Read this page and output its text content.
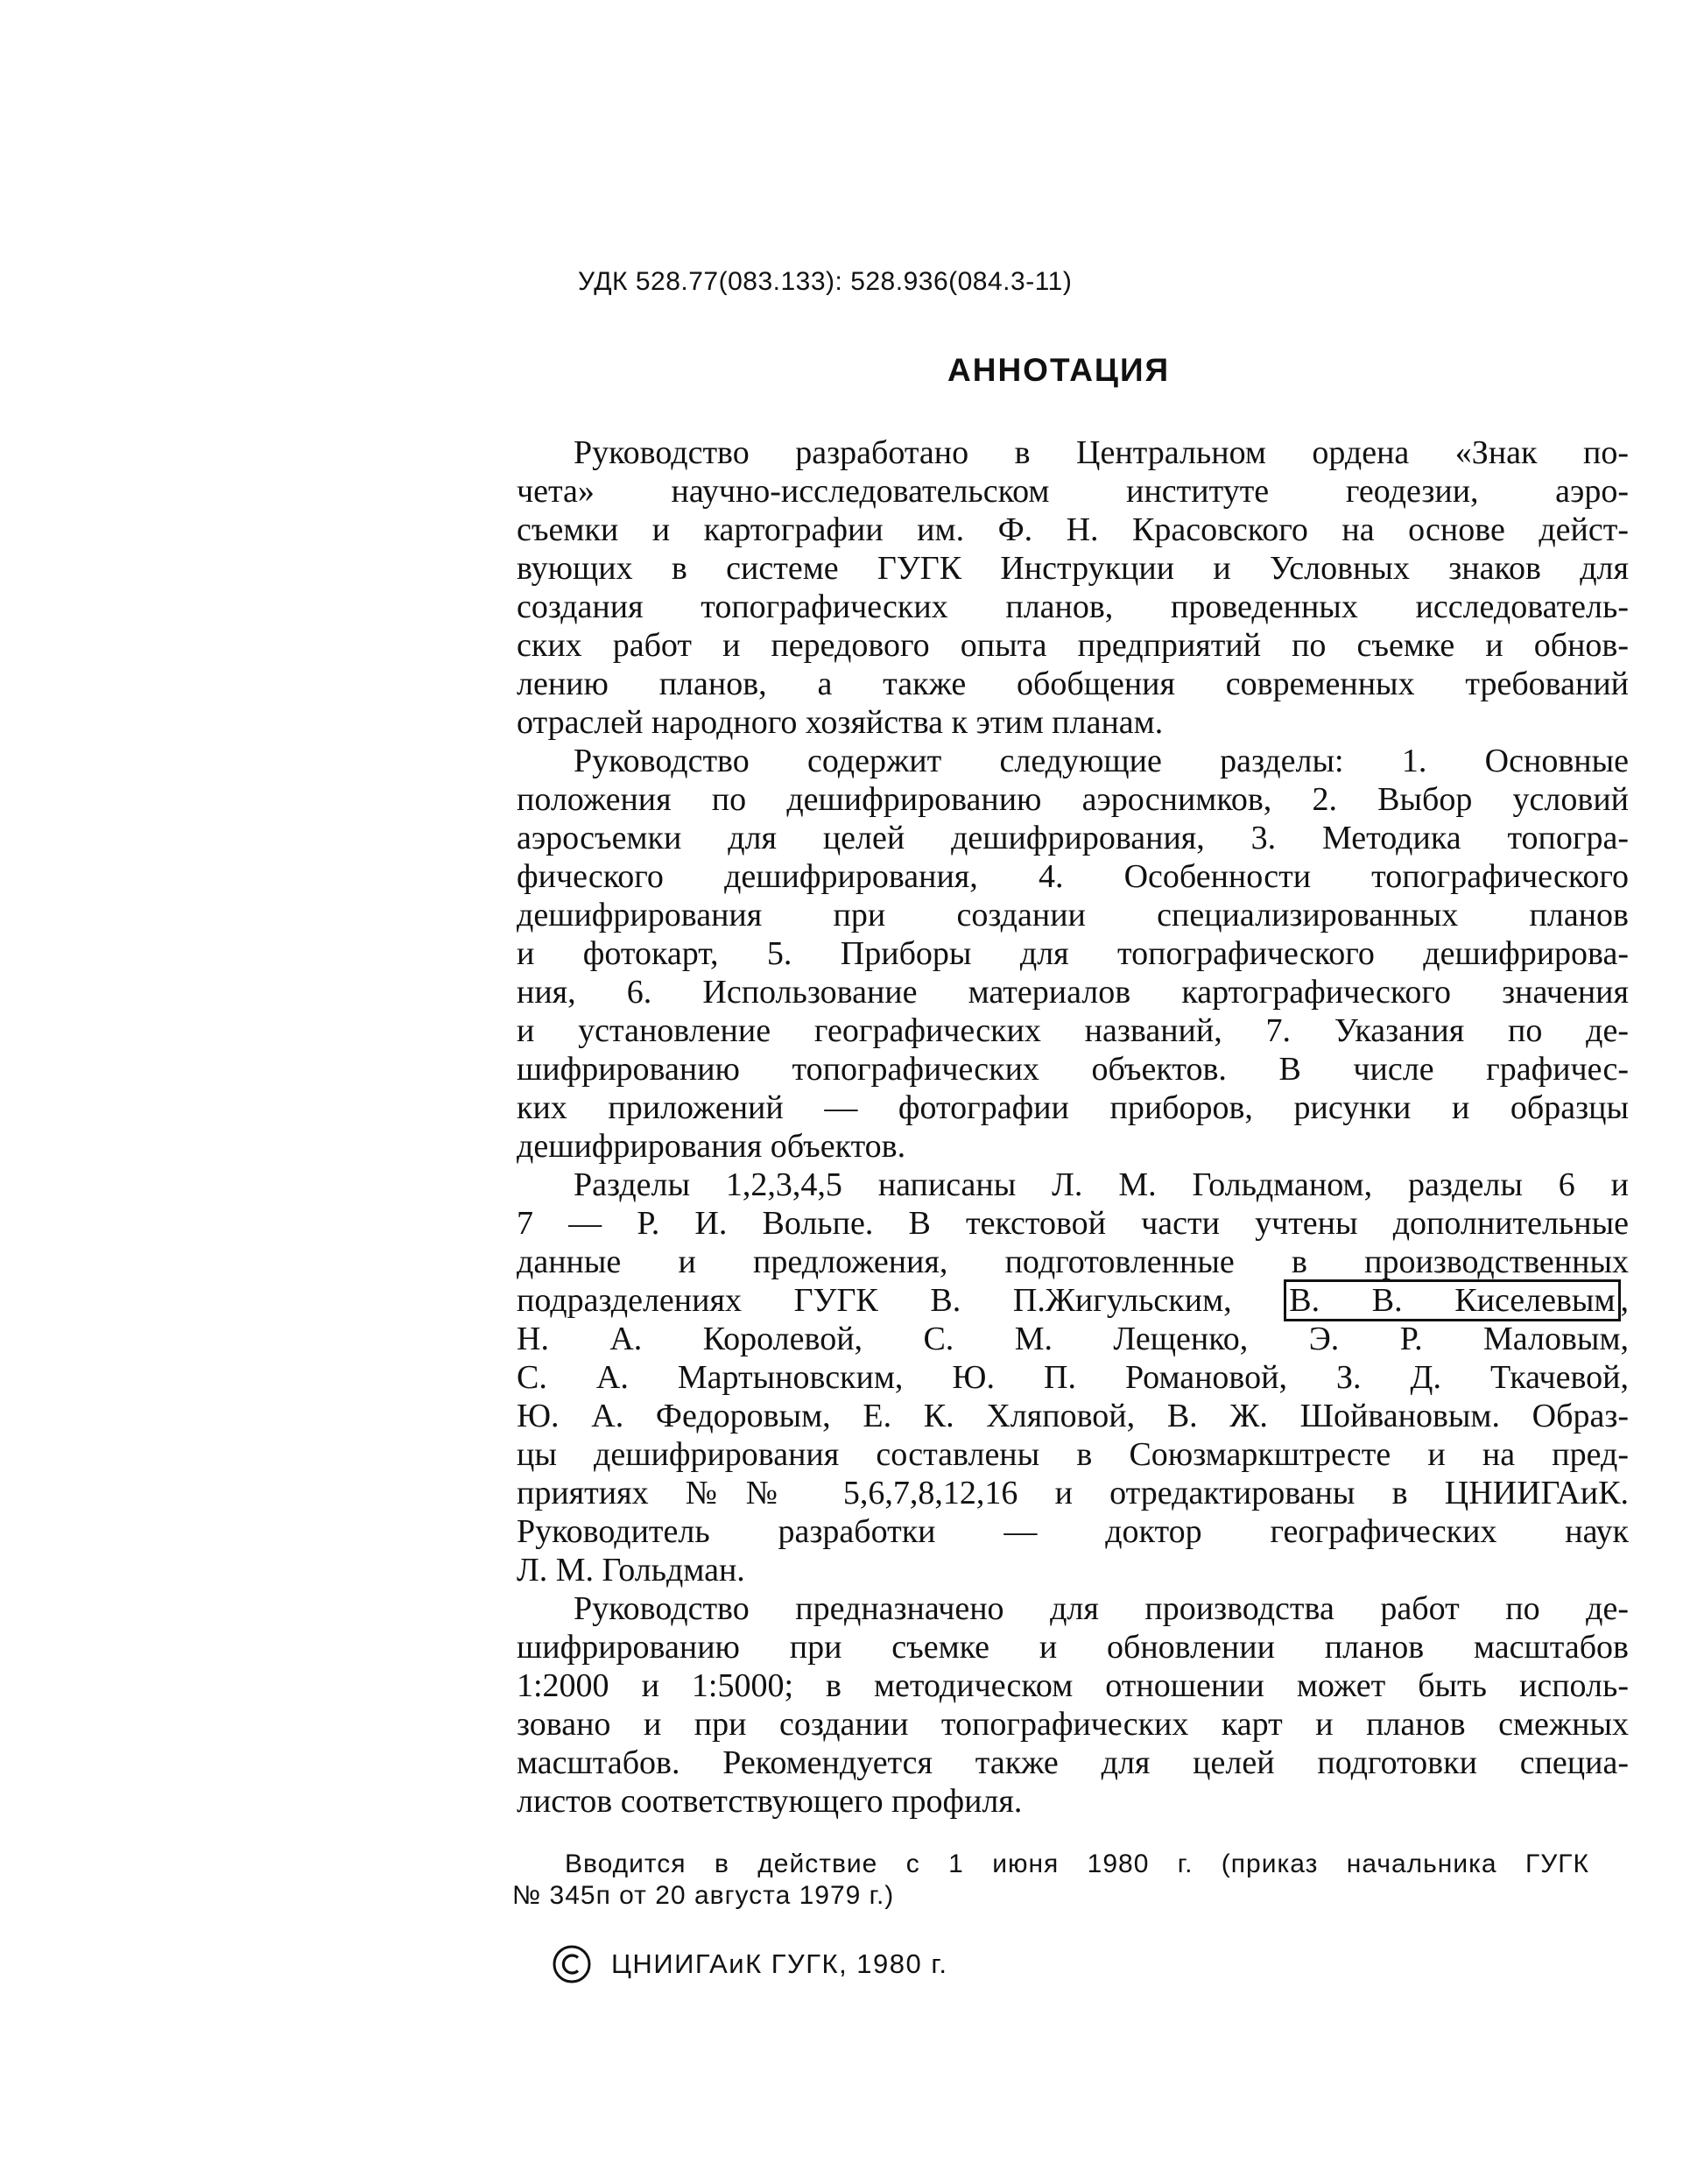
УДК 528.77(083.133): 528.936(084.3-11)
АННОТАЦИЯ
Руководство разработано в Центральном ордена «Знак по-
чета» научно-исследовательском институте геодезии, аэро-
съемки и картографии им. Ф. Н. Красовского на основе дейст-
вующих в системе ГУГК Инструкции и Условных знаков для
создания топографических планов, проведенных исследователь-
ских работ и передового опыта предприятий по съемке и обнов-
лению планов, а также обобщения современных требований
отраслей народного хозяйства к этим планам.
Руководство содержит следующие разделы: 1. Основные
положения по дешифрированию аэроснимков, 2. Выбор условий
аэросъемки для целей дешифрирования, 3. Методика топогра-
фического дешифрирования, 4. Особенности топографического
дешифрирования при создании специализированных планов
и фотокарт, 5. Приборы для топографического дешифрирова-
ния, 6. Использование материалов картографического значения
и установление географических названий, 7. Указания по де-
шифрированию топографических объектов. В числе графичес-
ких приложений — фотографии приборов, рисунки и образцы
дешифрирования объектов.
Разделы 1,2,3,4,5 написаны Л. М. Гольдманом, разделы 6 и
7 — Р. И. Вольпе. В текстовой части учтены дополнительные
данные и предложения, подготовленные в производственных
подразделениях ГУГК В. П.Жигульским, В. В. Киселевым ,
Н. А. Королевой, С. М. Лещенко, Э. Р. Маловым,
С. А. Мартыновским, Ю. П. Романовой, З. Д. Ткачевой,
Ю. А. Федоровым, Е. К. Хляповой, В. Ж. Шойвановым. Образ-
цы дешифрирования составлены в Союзмаркштресте и на пред-
приятиях №№ 5,6,7,8,12,16 и отредактированы в ЦНИИГАиК.
Руководитель разработки — доктор географических наук
Л. М. Гольдман.
Руководство предназначено для производства работ по де-
шифрированию при съемке и обновлении планов масштабов
1:2000 и 1:5000; в методическом отношении может быть исполь-
зовано и при создании топографических карт и планов смежных
масштабов. Рекомендуется также для целей подготовки специа-
листов соответствующего профиля.
Вводится в действие с 1 июня 1980 г. (приказ начальника ГУГК
№ 345п от 20 августа 1979 г.)
ЦНИИГАиК ГУГК, 1980 г.
